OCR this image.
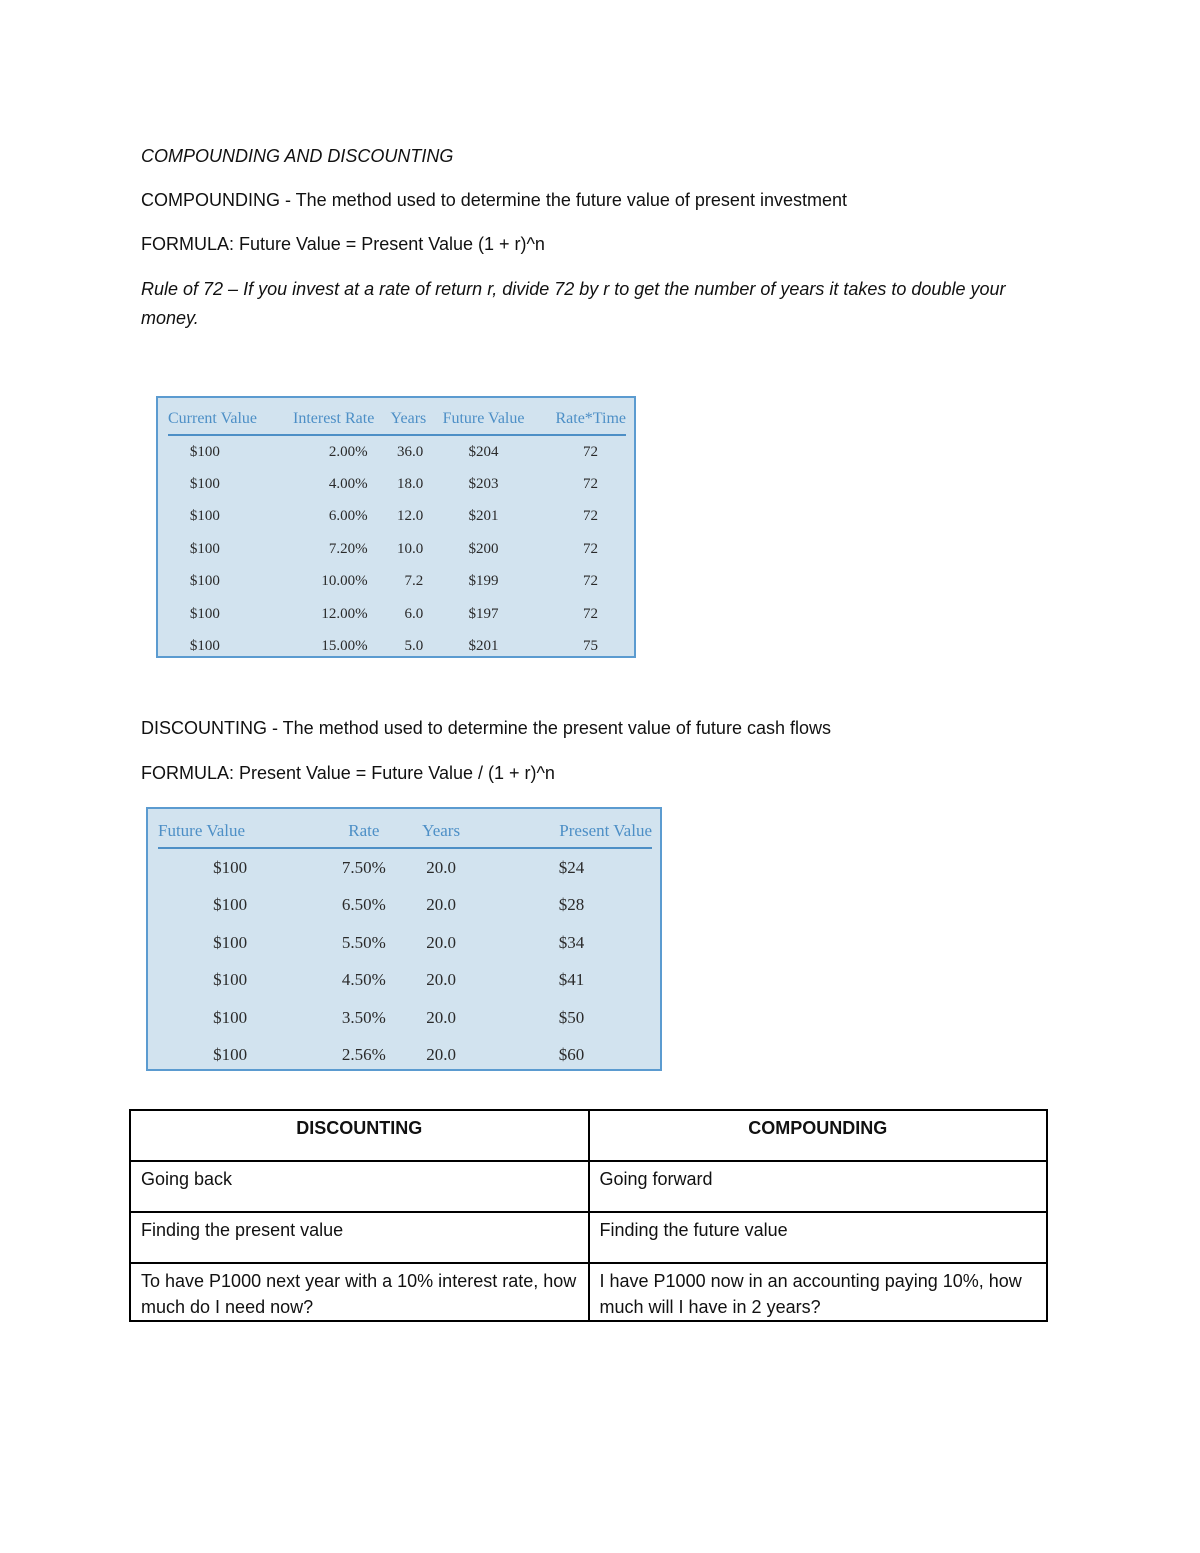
COMPOUNDING AND DISCOUNTING
COMPOUNDING - The method used to determine the future value of present investment
FORMULA: Future Value = Present Value (1 + r)^n
Rule of 72 – If you invest at a rate of return r, divide 72 by r to get the number of years it takes to double your money.
Current Value	Interest Rate	Years	Future Value	Rate*Time
$100	2.00%	36.0	$204	72
$100	4.00%	18.0	$203	72
$100	6.00%	12.0	$201	72
$100	7.20%	10.0	$200	72
$100	10.00%	7.2	$199	72
$100	12.00%	6.0	$197	72
$100	15.00%	5.0	$201	75
DISCOUNTING - The method used to determine the present value of future cash flows
FORMULA: Present Value = Future Value / (1 + r)^n
Future Value	Rate	Years	Present Value
$100	7.50%	20.0	$24
$100	6.50%	20.0	$28
$100	5.50%	20.0	$34
$100	4.50%	20.0	$41
$100	3.50%	20.0	$50
$100	2.56%	20.0	$60
DISCOUNTING	COMPOUNDING
Going back	Going forward
Finding the present value	Finding the future value
To have P1000 next year with a 10% interest rate, how much do I need now?	I have P1000 now in an accounting paying 10%, how much will I have in 2 years?
